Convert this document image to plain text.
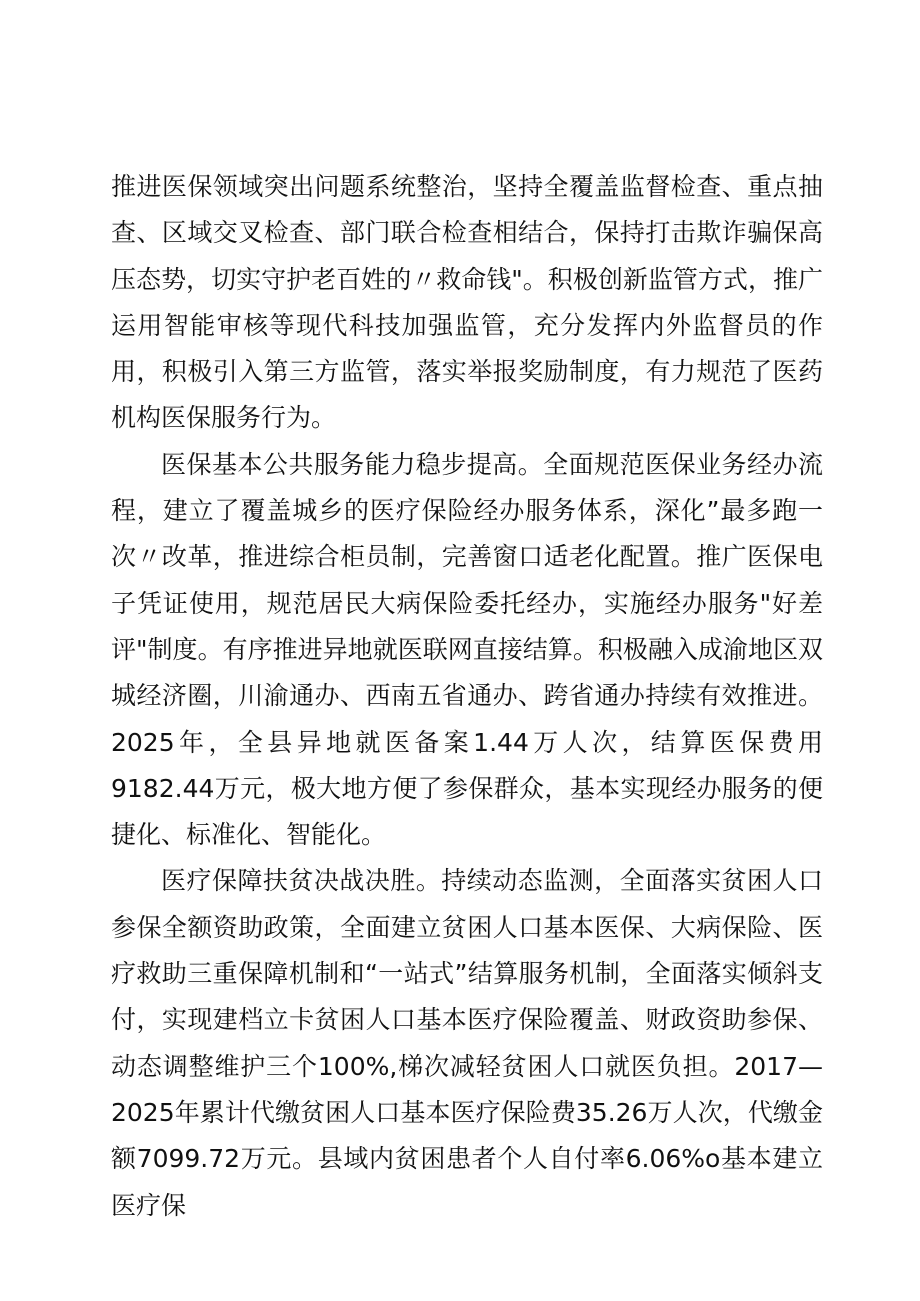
推进医保领域突出问题系统整治，坚持全覆盖监督检查、重点抽查、区域交叉检查、部门联合检查相结合，保持打击欺诈骗保高压态势，切实守护老百姓的〃救命钱"。积极创新监管方式，推广运用智能审核等现代科技加强监管，充分发挥内外监督员的作用，积极引入第三方监管，落实举报奖励制度，有力规范了医药机构医保服务行为。

医保基本公共服务能力稳步提高。全面规范医保业务经办流程，建立了覆盖城乡的医疗保险经办服务体系，深化”最多跑一次〃改革，推进综合柜员制，完善窗口适老化配置。推广医保电子凭证使用，规范居民大病保险委托经办，实施经办服务"好差评"制度。有序推进异地就医联网直接结算。积极融入成渝地区双城经济圈，川渝通办、西南五省通办、跨省通办持续有效推进。2025年，全县异地就医备案1.44万人次，结算医保费用9182.44万元，极大地方便了参保群众，基本实现经办服务的便捷化、标准化、智能化。

医疗保障扶贫决战决胜。持续动态监测，全面落实贫困人口参保全额资助政策，全面建立贫困人口基本医保、大病保险、医疗救助三重保障机制和“一站式”结算服务机制，全面落实倾斜支付，实现建档立卡贫困人口基本医疗保险覆盖、财政资助参保、动态调整维护三个100%,梯次减轻贫困人口就医负担。2017—2025年累计代缴贫困人口基本医疗保险费35.26万人次，代缴金额7099.72万元。县域内贫困患者个人自付率6.06%o基本建立医疗保
